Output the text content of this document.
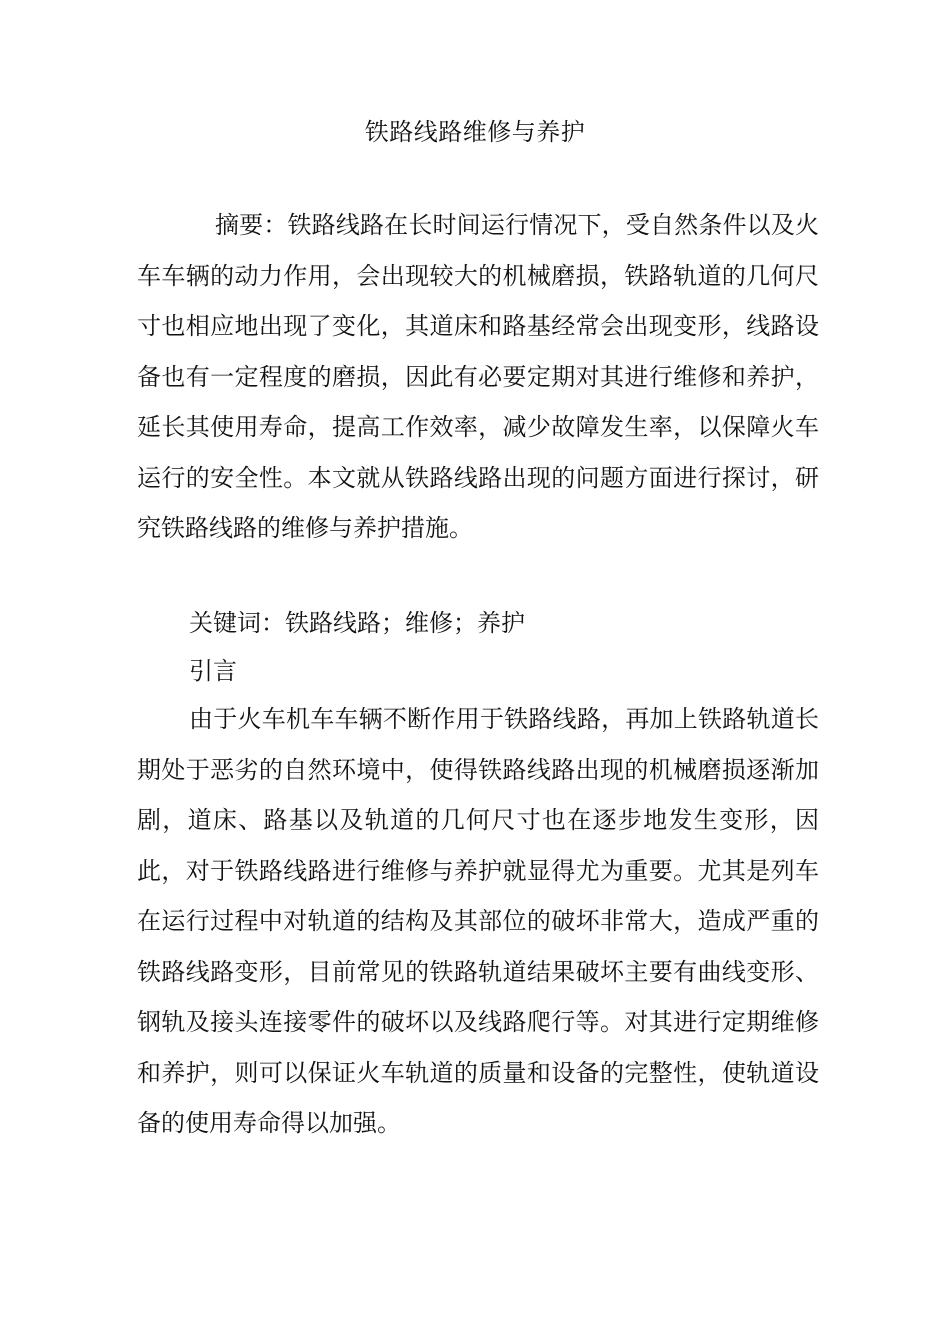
铁路线路维修与养护

摘要：铁路线路在长时间运行情况下，受自然条件以及火车车辆的动力作用，会出现较大的机械磨损，铁路轨道的几何尺寸也相应地出现了变化，其道床和路基经常会出现变形，线路设备也有一定程度的磨损，因此有必要定期对其进行维修和养护，延长其使用寿命，提高工作效率，减少故障发生率，以保障火车运行的安全性。本文就从铁路线路出现的问题方面进行探讨，研究铁路线路的维修与养护措施。

关键词：铁路线路；维修；养护

引言

由于火车机车车辆不断作用于铁路线路，再加上铁路轨道长期处于恶劣的自然环境中，使得铁路线路出现的机械磨损逐渐加剧，道床、路基以及轨道的几何尺寸也在逐步地发生变形，因此，对于铁路线路进行维修与养护就显得尤为重要。尤其是列车在运行过程中对轨道的结构及其部位的破坏非常大，造成严重的铁路线路变形，目前常见的铁路轨道结果破坏主要有曲线变形、钢轨及接头连接零件的破坏以及线路爬行等。对其进行定期维修和养护，则可以保证火车轨道的质量和设备的完整性，使轨道设备的使用寿命得以加强。
